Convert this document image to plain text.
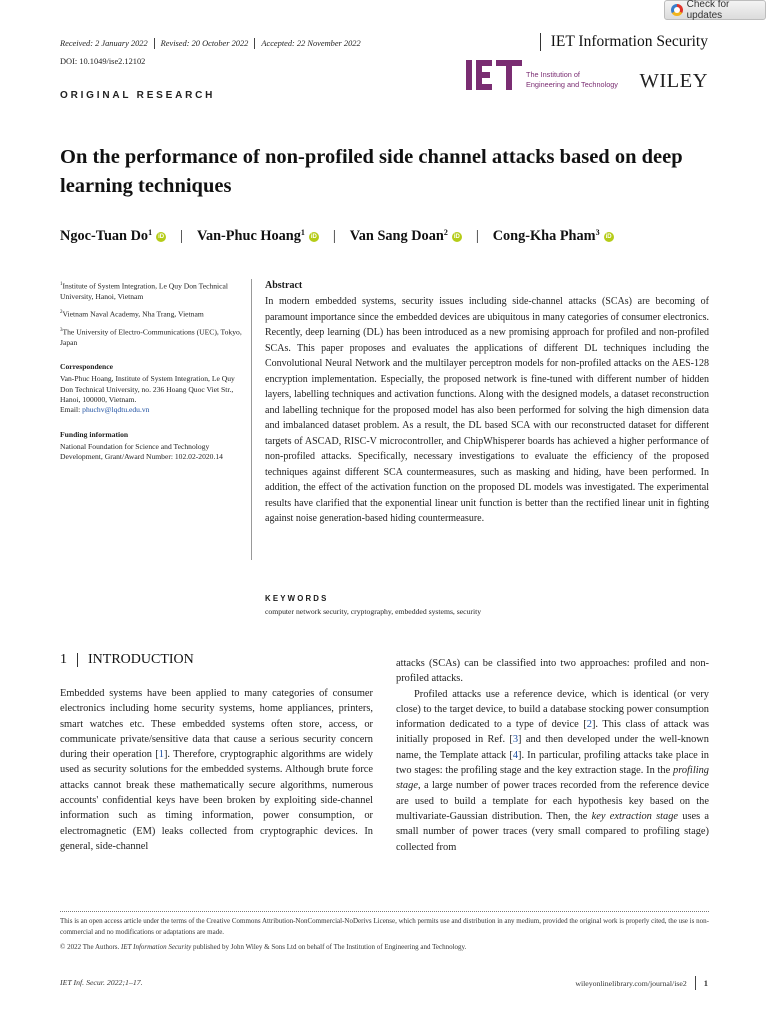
Check for updates
Received: 2 January 2022 Revised: 20 October 2022 Accepted: 22 November 2022
DOI: 10.1049/ise2.12102
IET Information Security
The Institution of
Engineering and Technology WILEY
ORIGINAL RESEARCH
On the performance of non-profiled side channel attacks based on deep learning techniques
Ngoc-Tuan Do$^1$	iD | Van-Phuc Hoang$^1$	iD | Van Sang Doan$^2$	iD | Cong-Kha Pham$^3$	iD
$^1$Institute of System Integration, Le Quy Don Technical University, Hanoi, Vietnam
$^2$Vietnam Naval Academy, Nha Trang, Vietnam
$^3$The University of Electro-Communications (UEC), Tokyo, Japan
Correspondence
Van-Phuc Hoang, Institute of System Integration, Le Quy Don Technical University, no. 236 Hoang Quoc Viet Str., Hanoi, 100000, Vietnam.
Email: phuchv@lqdtu.edu.vn
Funding information
National Foundation for Science and Technology Development, Grant/Award Number: 102.02-2020.14
Abstract

In modern embedded systems, security issues including side-channel attacks (SCAs) are becoming of paramount importance since the embedded devices are ubiquitous in many categories of consumer electronics. Recently, deep learning (DL) has been introduced as a new promising approach for profiled and non-profiled SCAs. This paper proposes and evaluates the applications of different DL techniques including the Convolutional Neural Network and the multilayer perceptron models for non-profiled attacks on the AES-128 encryption implementation. Especially, the proposed network is fine-tuned with different number of hidden layers, labelling techniques and activation functions. Along with the designed models, a dataset reconstruction and labelling technique for the proposed model has also been performed for solving the high dimension data and imbalanced dataset problem. As a result, the DL based SCA with our reconstructed dataset for different targets of ASCAD, RISC-V microcontroller, and ChipWhisperer boards has achieved a higher performance of non-profiled attacks. Specifically, necessary investigations to evaluate the efficiency of the proposed techniques against different SCA countermeasures, such as masking and hiding, have been performed. In addition, the effect of the activation function on the proposed DL models was investigated. The experimental results have clarified that the exponential linear unit function is better than the rectified linear unit in fighting against noise generation-based hiding countermeasure.

KEYWORDS
computer network security, cryptography, embedded systems, security
1 INTRODUCTION

Embedded systems have been applied to many categories of consumer electronics including home security systems, home appliances, printers, smart watches etc. These embedded systems often store, access, or communicate private/sensitive data that cause a serious security concern during their operation [1]. Therefore, cryptographic algorithms are widely used as security solutions for the embedded systems. Although brute force attacks cannot break these mathematically secure algorithms, numerous accounts' confidential keys have been broken by exploiting side-channel information such as timing information, power consumption, or electromagnetic (EM) leaks collected from cryptographic devices. In general, side-channel

attacks (SCAs) can be classified into two approaches: profiled and non-profiled attacks.

Profiled attacks use a reference device, which is identical (or very close) to the target device, to build a database stocking power consumption information dedicated to a type of device [2]. This class of attack was initially proposed in Ref. [3] and then developed under the well-known name, the Template attack [4]. In particular, profiling attacks take place in two stages: the profiling stage and the key extraction stage. In the profiling stage, a large number of power traces recorded from the reference device are used to build a template for each hypothesis key based on the multivariate-Gaussian distribution. Then, the key extraction stage uses a small number of power traces (very small compared to profiling stage) collected from

This is an open access article under the terms of the Creative Commons Attribution-NonCommercial-NoDerivs License, which permits use and distribution in any medium, provided the original work is properly cited, the use is non-commercial and no modifications or adaptations are made.
© 2022 The Authors. IET Information Security published by John Wiley & Sons Ltd on behalf of The Institution of Engineering and Technology.
IET Inf. Secur. 2022;1–17.	wileyonlinelibrary.com/journal/ise2 1
